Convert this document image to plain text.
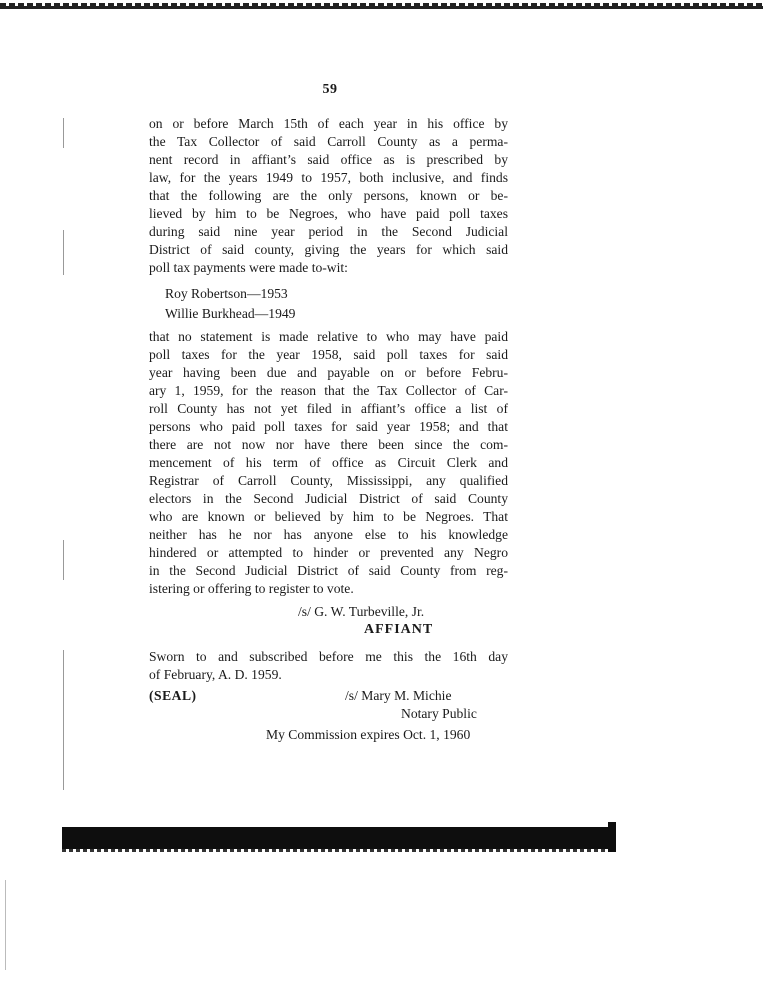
59
on or before March 15th of each year in his office by
the Tax Collector of said Carroll County as a perma-
nent record in affiant’s said office as is prescribed by
law, for the years 1949 to 1957, both inclusive, and finds
that the following are the only persons, known or be-
lieved by him to be Negroes, who have paid poll taxes
during said nine year period in the Second Judicial
District of said county, giving the years for which said
poll tax payments were made to-wit:
Roy Robertson—1953
Willie Burkhead—1949
that no statement is made relative to who may have paid
poll taxes for the year 1958, said poll taxes for said
year having been due and payable on or before Febru-
ary 1, 1959, for the reason that the Tax Collector of Car-
roll County has not yet filed in affiant’s office a list of
persons who paid poll taxes for said year 1958; and that
there are not now nor have there been since the com-
mencement of his term of office as Circuit Clerk and
Registrar of Carroll County, Mississippi, any qualified
electors in the Second Judicial District of said County
who are known or believed by him to be Negroes. That
neither has he nor has anyone else to his knowledge
hindered or attempted to hinder or prevented any Negro
in the Second Judicial District of said County from reg-
istering or offering to register to vote.
/s/ G. W. Turbeville, Jr.
AFFIANT
Sworn to and subscribed before me this the 16th day
of February, A. D. 1959.
(SEAL)	/s/ Mary M. Michie
Notary Public
My Commission expires Oct. 1, 1960
